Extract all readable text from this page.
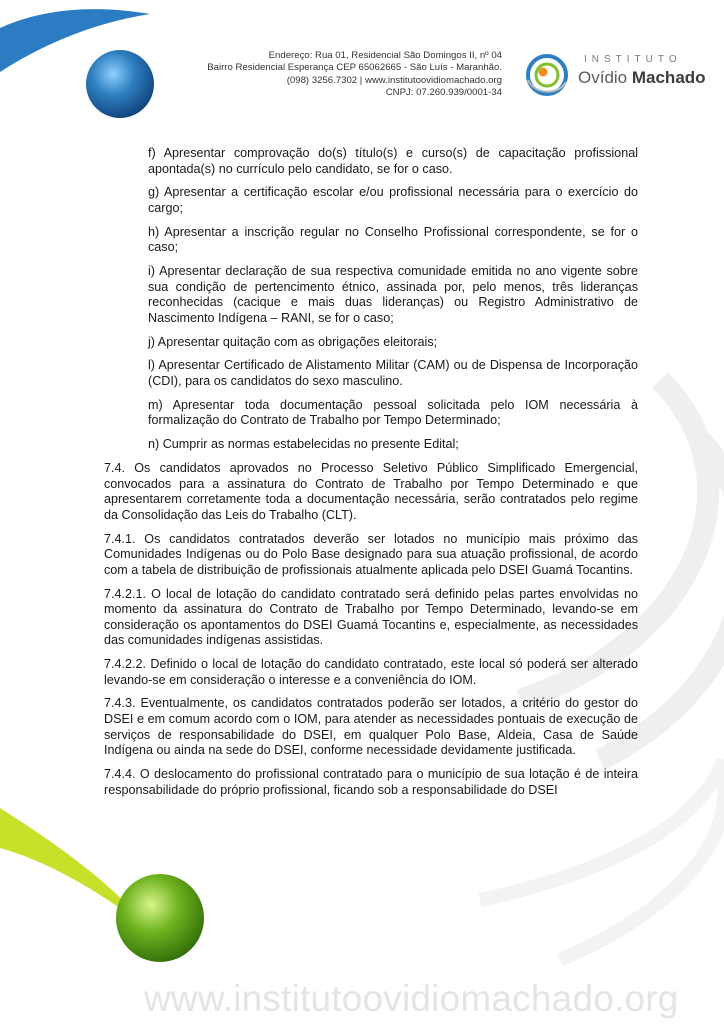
Endereço: Rua 01, Residencial São Domingos II, nº 04
Bairro Residencial Esperança CEP 65062665 - São Luís - Maranhão.
(098) 3256.7302 | www.institutoovidiomachado.org
CNPJ: 07.260.939/0001-34
INSTITUTO
Ovídio Machado

f) Apresentar comprovação do(s) título(s) e curso(s) de capacitação profissional apontada(s) no currículo pelo candidato, se for o caso.

g) Apresentar a certificação escolar e/ou profissional necessária para o exercício do cargo;

h) Apresentar a inscrição regular no Conselho Profissional correspondente, se for o caso;

i) Apresentar declaração de sua respectiva comunidade emitida no ano vigente sobre sua condição de pertencimento étnico, assinada por, pelo menos, três lideranças reconhecidas (cacique e mais duas lideranças) ou Registro Administrativo de Nascimento Indígena – RANI, se for o caso;

j) Apresentar quitação com as obrigações eleitorais;

l) Apresentar Certificado de Alistamento Militar (CAM) ou de Dispensa de Incorporação (CDI), para os candidatos do sexo masculino.

m) Apresentar toda documentação pessoal solicitada pelo IOM necessária à formalização do Contrato de Trabalho por Tempo Determinado;

n) Cumprir as normas estabelecidas no presente Edital;

7.4. Os candidatos aprovados no Processo Seletivo Público Simplificado Emergencial, convocados para a assinatura do Contrato de Trabalho por Tempo Determinado e que apresentarem corretamente toda a documentação necessária, serão contratados pelo regime da Consolidação das Leis do Trabalho (CLT).

7.4.1. Os candidatos contratados deverão ser lotados no município mais próximo das Comunidades Indígenas ou do Polo Base designado para sua atuação profissional, de acordo com a tabela de distribuição de profissionais atualmente aplicada pelo DSEI Guamá Tocantins.

7.4.2.1. O local de lotação do candidato contratado será definido pelas partes envolvidas no momento da assinatura do Contrato de Trabalho por Tempo Determinado, levando-se em consideração os apontamentos do DSEI Guamá Tocantins e, especialmente, as necessidades das comunidades indígenas assistidas.

7.4.2.2. Definido o local de lotação do candidato contratado, este local só poderá ser alterado levando-se em consideração o interesse e a conveniência do IOM.

7.4.3. Eventualmente, os candidatos contratados poderão ser lotados, a critério do gestor do DSEI e em comum acordo com o IOM, para atender as necessidades pontuais de execução de serviços de responsabilidade do DSEI, em qualquer Polo Base, Aldeia, Casa de Saúde Indígena ou ainda na sede do DSEI, conforme necessidade devidamente justificada.

7.4.4. O deslocamento do profissional contratado para o município de sua lotação é de inteira responsabilidade do próprio profissional, ficando sob a responsabilidade do DSEI

www.institutoovidiomachado.org
